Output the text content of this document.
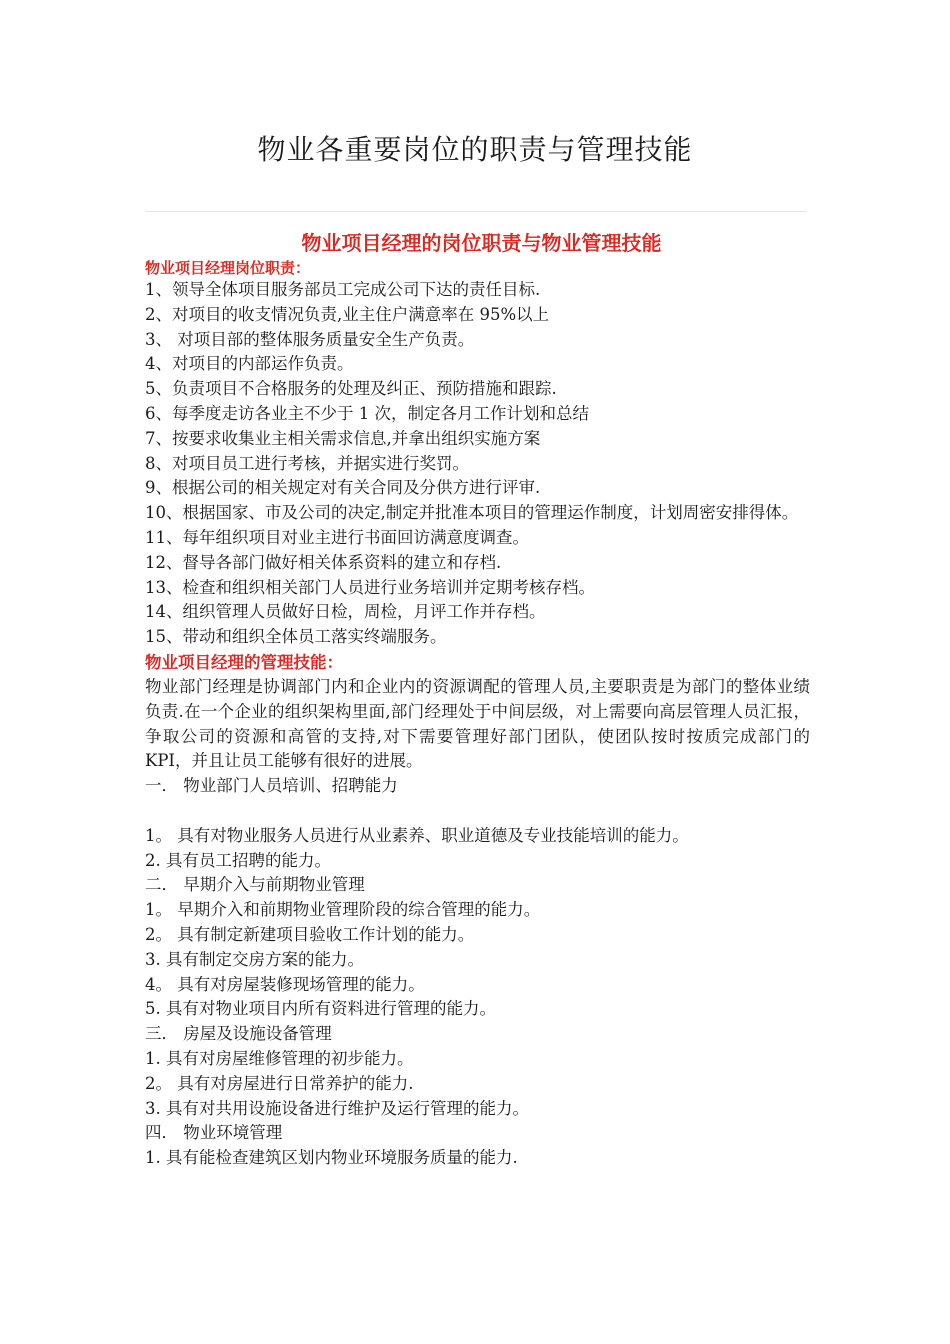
物业各重要岗位的职责与管理技能
物业项目经理的岗位职责与物业管理技能

物业项目经理岗位职责：

1、领导全体项目服务部员工完成公司下达的责任目标.

2、对项目的收支情况负责,业主住户满意率在 95%以上

3、 对项目部的整体服务质量安全生产负责。

4、对项目的内部运作负责。

5、负责项目不合格服务的处理及纠正、预防措施和跟踪.

6、每季度走访各业主不少于 1 次，制定各月工作计划和总结

7、按要求收集业主相关需求信息,并拿出组织实施方案

8、对项目员工进行考核，并据实进行奖罚。

9、根据公司的相关规定对有关合同及分供方进行评审.

10、根据国家、市及公司的决定,制定并批准本项目的管理运作制度，计划周密安排得体。

11、每年组织项目对业主进行书面回访满意度调查。

12、督导各部门做好相关体系资料的建立和存档.

13、检查和组织相关部门人员进行业务培训并定期考核存档。

14、组织管理人员做好日检，周检，月评工作并存档。

15、带动和组织全体员工落实终端服务。

物业项目经理的管理技能：

物业部门经理是协调部门内和企业内的资源调配的管理人员,主要职责是为部门的整体业绩负责.在一个企业的组织架构里面,部门经理处于中间层级，对上需要向高层管理人员汇报，争取公司的资源和高管的支持,对下需要管理好部门团队，使团队按时按质完成部门的 KPI，并且让员工能够有很好的进展。

一． 物业部门人员培训、招聘能力

1。 具有对物业服务人员进行从业素养、职业道德及专业技能培训的能力。

2. 具有员工招聘的能力。

二． 早期介入与前期物业管理

1。 早期介入和前期物业管理阶段的综合管理的能力。

2。 具有制定新建项目验收工作计划的能力。

3. 具有制定交房方案的能力。

4。 具有对房屋装修现场管理的能力。

5. 具有对物业项目内所有资料进行管理的能力。

三． 房屋及设施设备管理

1. 具有对房屋维修管理的初步能力。

2。 具有对房屋进行日常养护的能力.

3. 具有对共用设施设备进行维护及运行管理的能力。

四． 物业环境管理

1. 具有能检查建筑区划内物业环境服务质量的能力.
